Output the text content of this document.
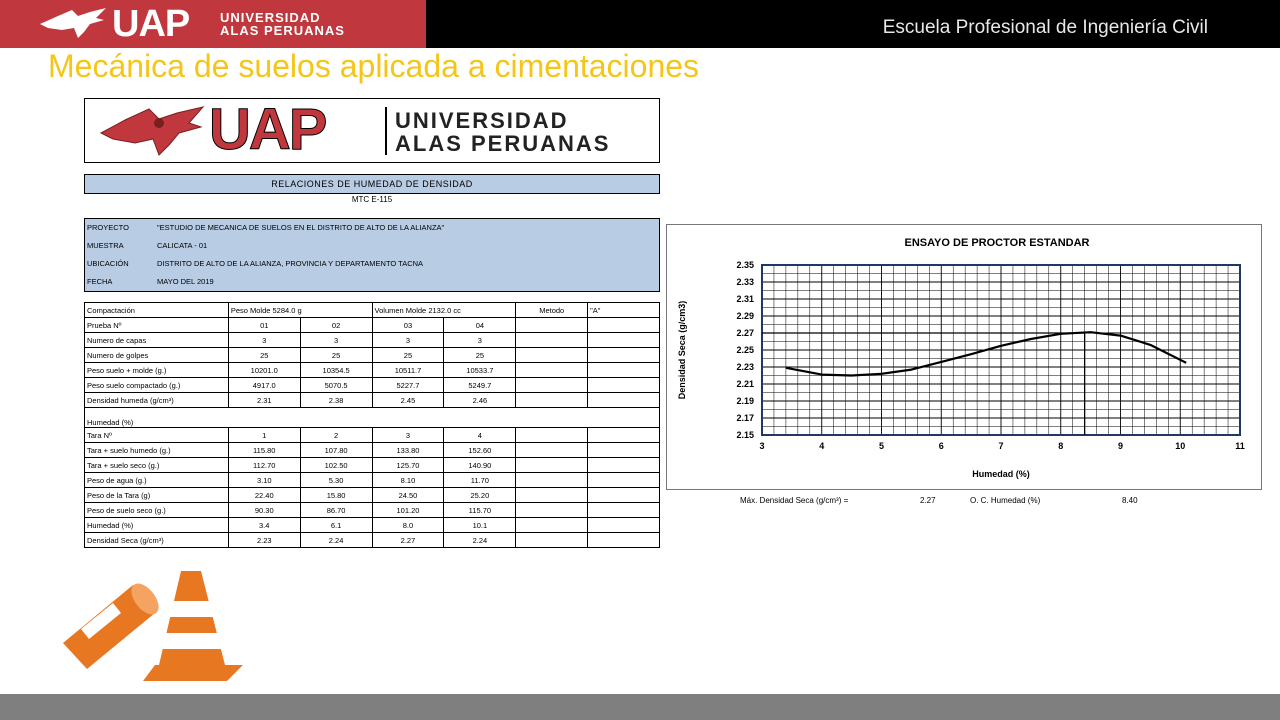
UAP UNIVERSIDAD
ALAS PERUANAS	Escuela Profesional de Ingeniería Civil
Mecánica de suelos aplicada a cimentaciones
UAP	UNIVERSIDAD
ALAS PERUANAS
RELACIONES DE HUMEDAD DE DENSIDAD
MTC E-115
PROYECTO	"ESTUDIO DE MECANICA DE SUELOS EN EL DISTRITO DE ALTO DE LA ALIANZA"
MUESTRA	CALICATA - 01
UBICACIÓN	DISTRITO DE ALTO DE LA ALIANZA, PROVINCIA Y DEPARTAMENTO TACNA
FECHA	MAYO DEL 2019
Compactación	Peso Molde 5284.0 g		Volumen Molde 2132.0 cc		Metodo	"A"
Prueba Nº	01	02	03	04		
Numero de capas	3	3	3	3		
Numero de golpes	25	25	25	25		
Peso suelo + molde (g.)	10201.0	10354.5	10511.7	10533.7		
Peso suelo compactado (g.)	4917.0	5070.5	5227.7	5249.7		
Densidad humeda (g/cm³)	2.31	2.38	2.45	2.46		
Humedad (%)						
Tara Nº	1	2	3	4		
Tara + suelo humedo (g.)	115.80	107.80	133.80	152.60		
Tara + suelo seco (g.)	112.70	102.50	125.70	140.90		
Peso de agua (g.)	3.10	5.30	8.10	11.70		
Peso de la Tara (g)	22.40	15.80	24.50	25.20		
Peso de suelo seco (g.)	90.30	86.70	101.20	115.70		
Humedad (%)	3.4	6.1	8.0	10.1		
Densidad Seca (g/cm³)	2.23	2.24	2.27	2.24		
ENSAYO DE PROCTOR ESTANDAR
3	4	5	6	7	8	9	10	11
2.15
2.17
2.19
2.21
2.23
2.25
2.27
2.29
2.31
2.33
2.35
Humedad (%)
Densidad Seca (g/cm3)
Máx. Densidad Seca (g/cm³) =	2.27	O. C. Humedad (%)	8.40
